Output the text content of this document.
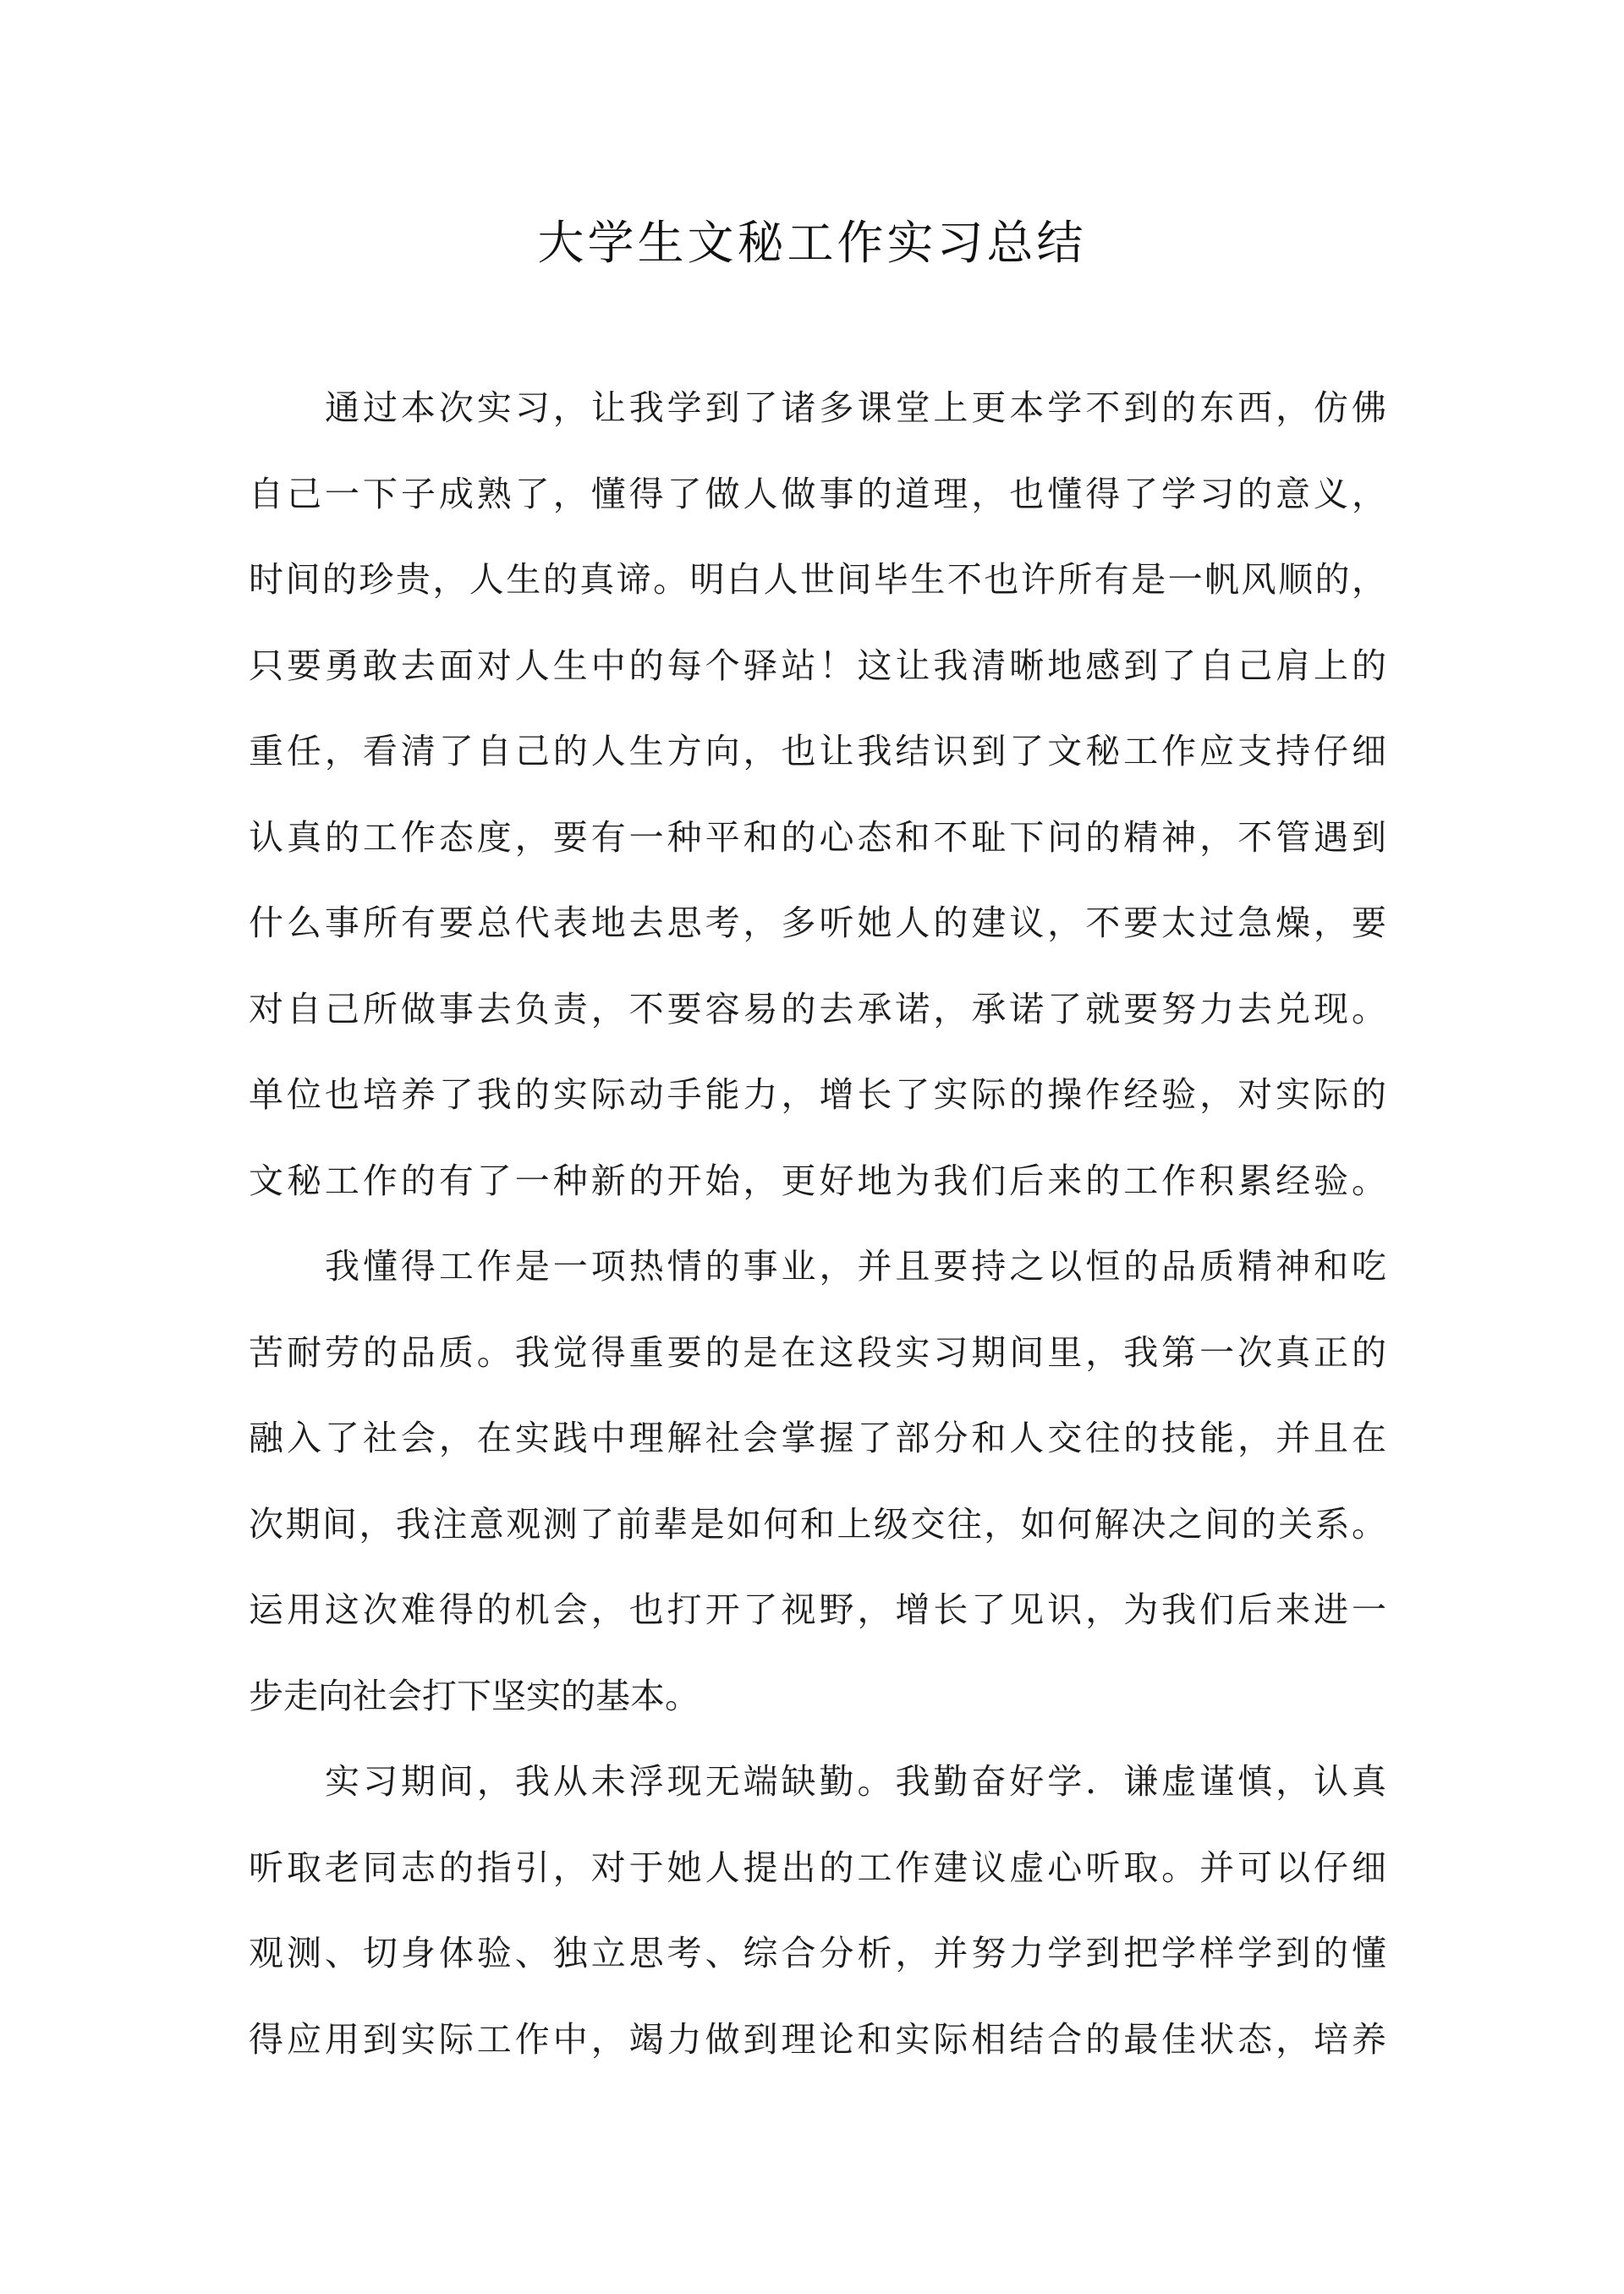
大学生文秘工作实习总结
通过本次实习，让我学到了诸多课堂上更本学不到的东西，仿佛
自己一下子成熟了，懂得了做人做事的道理，也懂得了学习的意义，
时间的珍贵，人生的真谛。明白人世间毕生不也许所有是一帆风顺的，
只要勇敢去面对人生中的每个驿站！这让我清晰地感到了自己肩上的
重任，看清了自己的人生方向，也让我结识到了文秘工作应支持仔细
认真的工作态度，要有一种平和的心态和不耻下问的精神，不管遇到
什么事所有要总代表地去思考，多听她人的建议，不要太过急燥，要
对自己所做事去负责，不要容易的去承诺，承诺了就要努力去兑现。
单位也培养了我的实际动手能力，增长了实际的操作经验，对实际的
文秘工作的有了一种新的开始，更好地为我们后来的工作积累经验。
我懂得工作是一项热情的事业，并且要持之以恒的品质精神和吃
苦耐劳的品质。我觉得重要的是在这段实习期间里，我第一次真正的
融入了社会，在实践中理解社会掌握了部分和人交往的技能，并且在
次期间，我注意观测了前辈是如何和上级交往，如何解决之间的关系。
运用这次难得的机会，也打开了视野，增长了见识，为我们后来进一
步走向社会打下坚实的基本。
实习期间，我从未浮现无端缺勤。我勤奋好学．谦虚谨慎，认真
听取老同志的指引，对于她人提出的工作建议虚心听取。并可以仔细
观测、切身体验、独立思考、综合分析，并努力学到把学样学到的懂
得应用到实际工作中，竭力做到理论和实际相结合的最佳状态，培养
